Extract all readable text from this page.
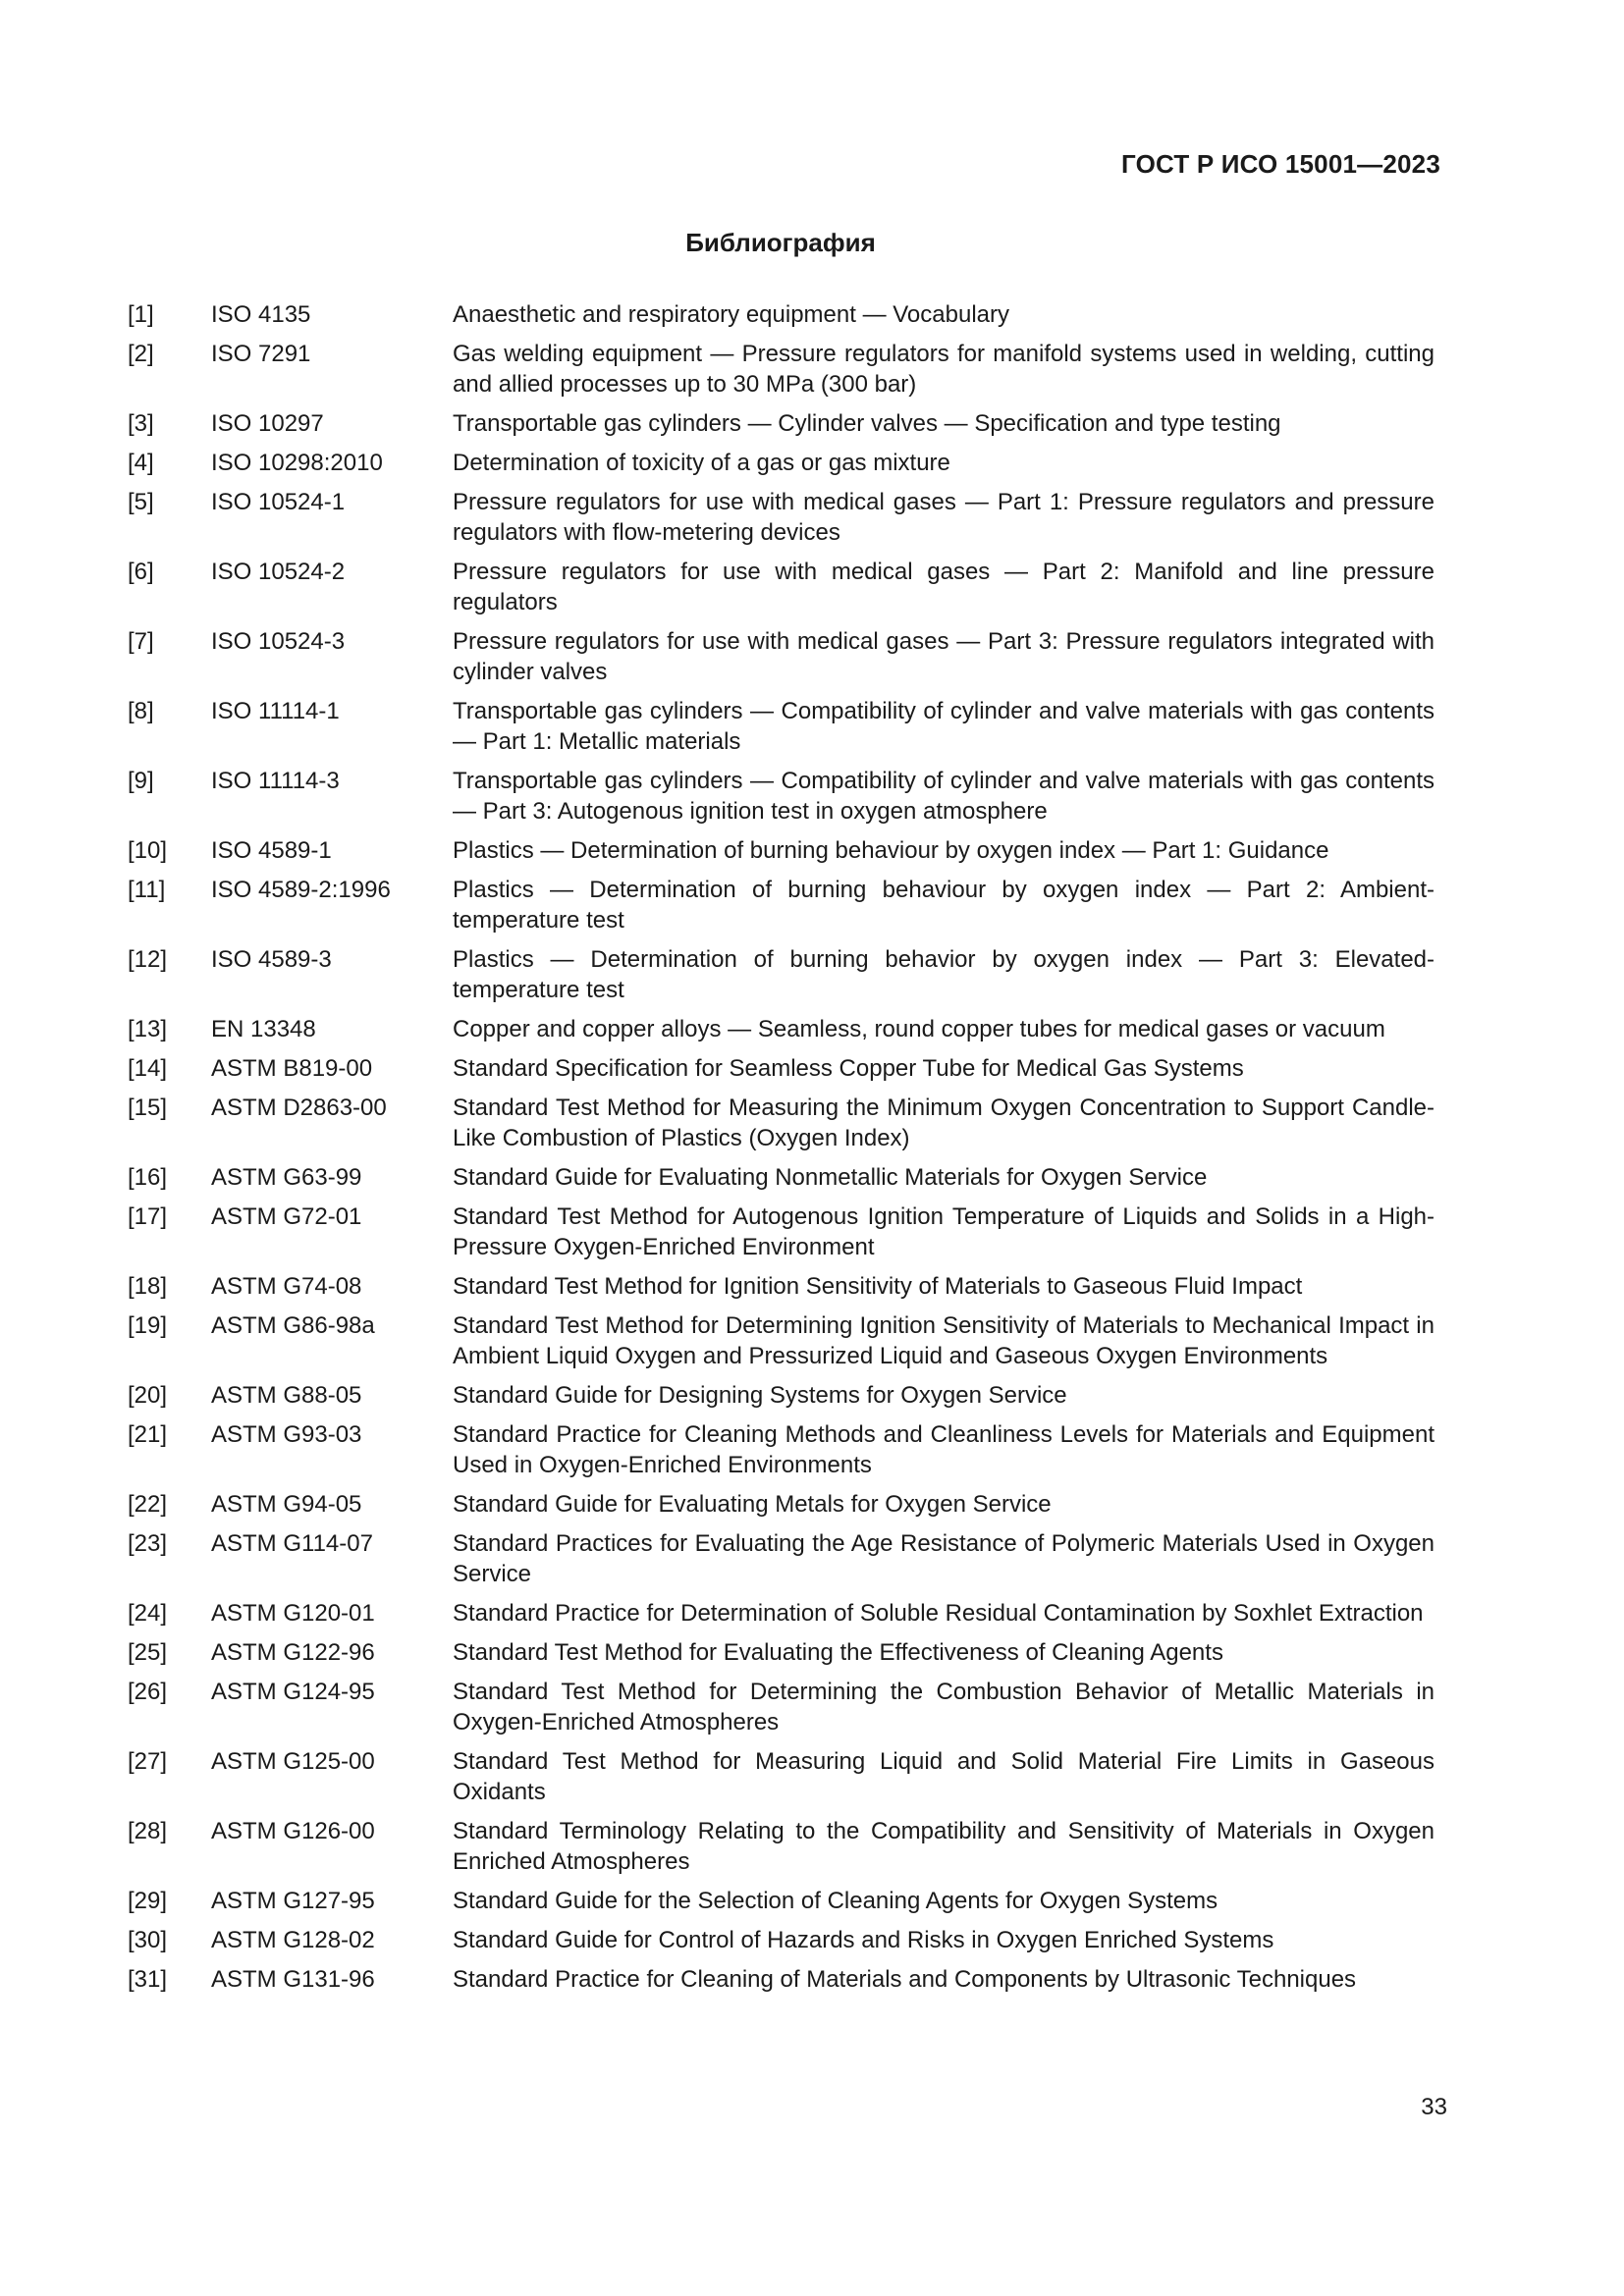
ГОСТ Р ИСО 15001—2023
Библиография
[1]	ISO 4135	Anaesthetic and respiratory equipment — Vocabulary
[2]	ISO 7291	Gas welding equipment — Pressure regulators for manifold systems used in welding, cutting and allied processes up to 30 MPa (300 bar)
[3]	ISO 10297	Transportable gas cylinders — Cylinder valves — Specification and type testing
[4]	ISO 10298:2010	Determination of toxicity of a gas or gas mixture
[5]	ISO 10524-1	Pressure regulators for use with medical gases — Part 1: Pressure regulators and pressure regulators with flow-metering devices
[6]	ISO 10524-2	Pressure regulators for use with medical gases — Part 2: Manifold and line pressure regulators
[7]	ISO 10524-3	Pressure regulators for use with medical gases — Part 3: Pressure regulators integrated with cylinder valves
[8]	ISO 11114-1	Transportable gas cylinders — Compatibility of cylinder and valve materials with gas contents — Part 1: Metallic materials
[9]	ISO 11114-3	Transportable gas cylinders — Compatibility of cylinder and valve materials with gas contents — Part 3: Autogenous ignition test in oxygen atmosphere
[10]	ISO 4589-1	Plastics — Determination of burning behaviour by oxygen index — Part 1: Guidance
[11]	ISO 4589-2:1996	Plastics — Determination of burning behaviour by oxygen index — Part 2: Ambient-temperature test
[12]	ISO 4589-3	Plastics — Determination of burning behavior by oxygen index — Part 3: Elevated-temperature test
[13]	EN 13348	Copper and copper alloys — Seamless, round copper tubes for medical gases or vacuum
[14]	ASTM B819-00	Standard Specification for Seamless Copper Tube for Medical Gas Systems
[15]	ASTM D2863-00	Standard Test Method for Measuring the Minimum Oxygen Concentration to Support Candle-Like Combustion of Plastics (Oxygen Index)
[16]	ASTM G63-99	Standard Guide for Evaluating Nonmetallic Materials for Oxygen Service
[17]	ASTM G72-01	Standard Test Method for Autogenous Ignition Temperature of Liquids and Solids in a High-Pressure Oxygen-Enriched Environment
[18]	ASTM G74-08	Standard Test Method for Ignition Sensitivity of Materials to Gaseous Fluid Impact
[19]	ASTM G86-98a	Standard Test Method for Determining Ignition Sensitivity of Materials to Mechanical Impact in Ambient Liquid Oxygen and Pressurized Liquid and Gaseous Oxygen Environments
[20]	ASTM G88-05	Standard Guide for Designing Systems for Oxygen Service
[21]	ASTM G93-03	Standard Practice for Cleaning Methods and Cleanliness Levels for Materials and Equipment Used in Oxygen-Enriched Environments
[22]	ASTM G94-05	Standard Guide for Evaluating Metals for Oxygen Service
[23]	ASTM G114-07	Standard Practices for Evaluating the Age Resistance of Polymeric Materials Used in Oxygen Service
[24]	ASTM G120-01	Standard Practice for Determination of Soluble Residual Contamination by Soxhlet Extraction
[25]	ASTM G122-96	Standard Test Method for Evaluating the Effectiveness of Cleaning Agents
[26]	ASTM G124-95	Standard Test Method for Determining the Combustion Behavior of Metallic Materials in Oxygen-Enriched Atmospheres
[27]	ASTM G125-00	Standard Test Method for Measuring Liquid and Solid Material Fire Limits in Gaseous Oxidants
[28]	ASTM G126-00	Standard Terminology Relating to the Compatibility and Sensitivity of Materials in Oxygen Enriched Atmospheres
[29]	ASTM G127-95	Standard Guide for the Selection of Cleaning Agents for Oxygen Systems
[30]	ASTM G128-02	Standard Guide for Control of Hazards and Risks in Oxygen Enriched Systems
[31]	ASTM G131-96	Standard Practice for Cleaning of Materials and Components by Ultrasonic Techniques
33
